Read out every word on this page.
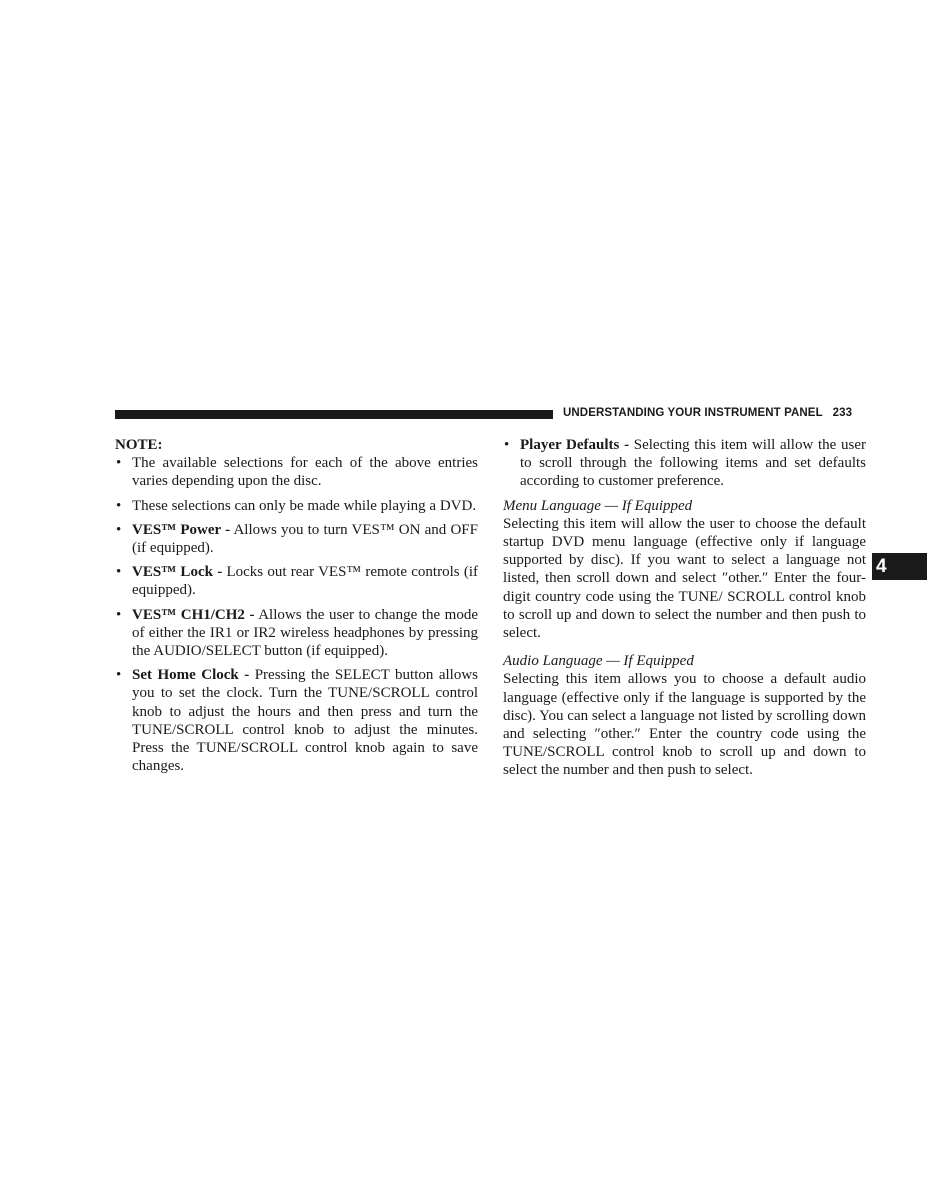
UNDERSTANDING YOUR INSTRUMENT PANEL 233
4
NOTE:
• The available selections for each of the above entries varies depending upon the disc.
• These selections can only be made while playing a DVD.
• VES™ Power - Allows you to turn VES™ ON and OFF (if equipped).
• VES™ Lock - Locks out rear VES™ remote controls (if equipped).
• VES™ CH1/CH2 - Allows the user to change the mode of either the IR1 or IR2 wireless headphones by pressing the AUDIO/SELECT button (if equipped).
• Set Home Clock - Pressing the SELECT button allows you to set the clock. Turn the TUNE/SCROLL control knob to adjust the hours and then press and turn the TUNE/SCROLL control knob to adjust the minutes. Press the TUNE/SCROLL control knob again to save changes.
• Player Defaults - Selecting this item will allow the user to scroll through the following items and set defaults according to customer preference.
Menu Language — If Equipped

Selecting this item will allow the user to choose the default startup DVD menu language (effective only if language supported by disc). If you want to select a language not listed, then scroll down and select ″other.″ Enter the four-digit country code using the TUNE/ SCROLL control knob to scroll up and down to select the number and then push to select.

Audio Language — If Equipped

Selecting this item allows you to choose a default audio language (effective only if the language is supported by the disc). You can select a language not listed by scrolling down and selecting ″other.″ Enter the country code using the TUNE/SCROLL control knob to scroll up and down to select the number and then push to select.
